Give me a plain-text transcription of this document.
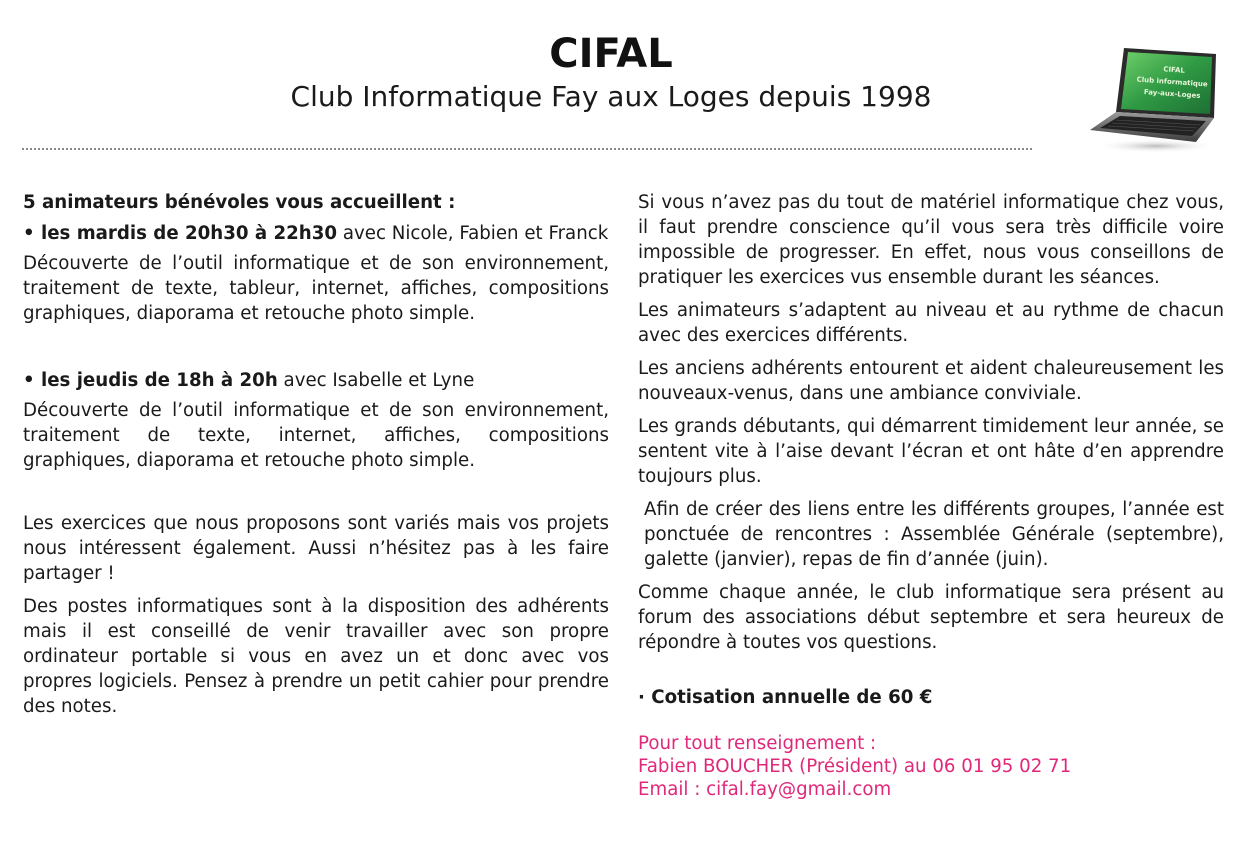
CIFAL
Club Informatique Fay aux Loges depuis 1998
CIFAL
Club informatique
Fay-aux-Loges

5 animateurs bénévoles vous accueillent :

• les mardis de 20h30 à 22h30 avec Nicole, Fabien et Franck

Découverte de l’outil informatique et de son environnement, traitement de texte, tableur, internet, affiches, compositions graphiques, diaporama et retouche photo simple.

• les jeudis de 18h à 20h avec Isabelle et Lyne

Découverte de l’outil informatique et de son environnement, traitement de texte, internet, affiches, compositions graphiques, diaporama et retouche photo simple.

Les exercices que nous proposons sont variés mais vos projets nous intéressent également. Aussi n’hésitez pas à les faire partager !

Des postes informatiques sont à la disposition des adhérents mais il est conseillé de venir travailler avec son propre ordinateur portable si vous en avez un et donc avec vos propres logiciels. Pensez à prendre un petit cahier pour prendre des notes.

Si vous n’avez pas du tout de matériel informatique chez vous, il faut prendre conscience qu’il vous sera très difficile voire impossible de progresser. En effet, nous vous conseillons de pratiquer les exercices vus ensemble durant les séances.

Les animateurs s’adaptent au niveau et au rythme de chacun avec des exercices différents.

Les anciens adhérents entourent et aident chaleureusement les nouveaux-venus, dans une ambiance conviviale.

Les grands débutants, qui démarrent timidement leur année, se sentent vite à l’aise devant l’écran et ont hâte d’en apprendre toujours plus.

Afin de créer des liens entre les différents groupes, l’année est ponctuée de rencontres : Assemblée Générale (septembre), galette (janvier), repas de fin d’année (juin).

Comme chaque année, le club informatique sera présent au forum des associations début septembre et sera heureux de répondre à toutes vos questions.

· Cotisation annuelle de 60 €

Pour tout renseignement :

Fabien BOUCHER (Président) au 06 01 95 02 71

Email : cifal.fay@gmail.com
